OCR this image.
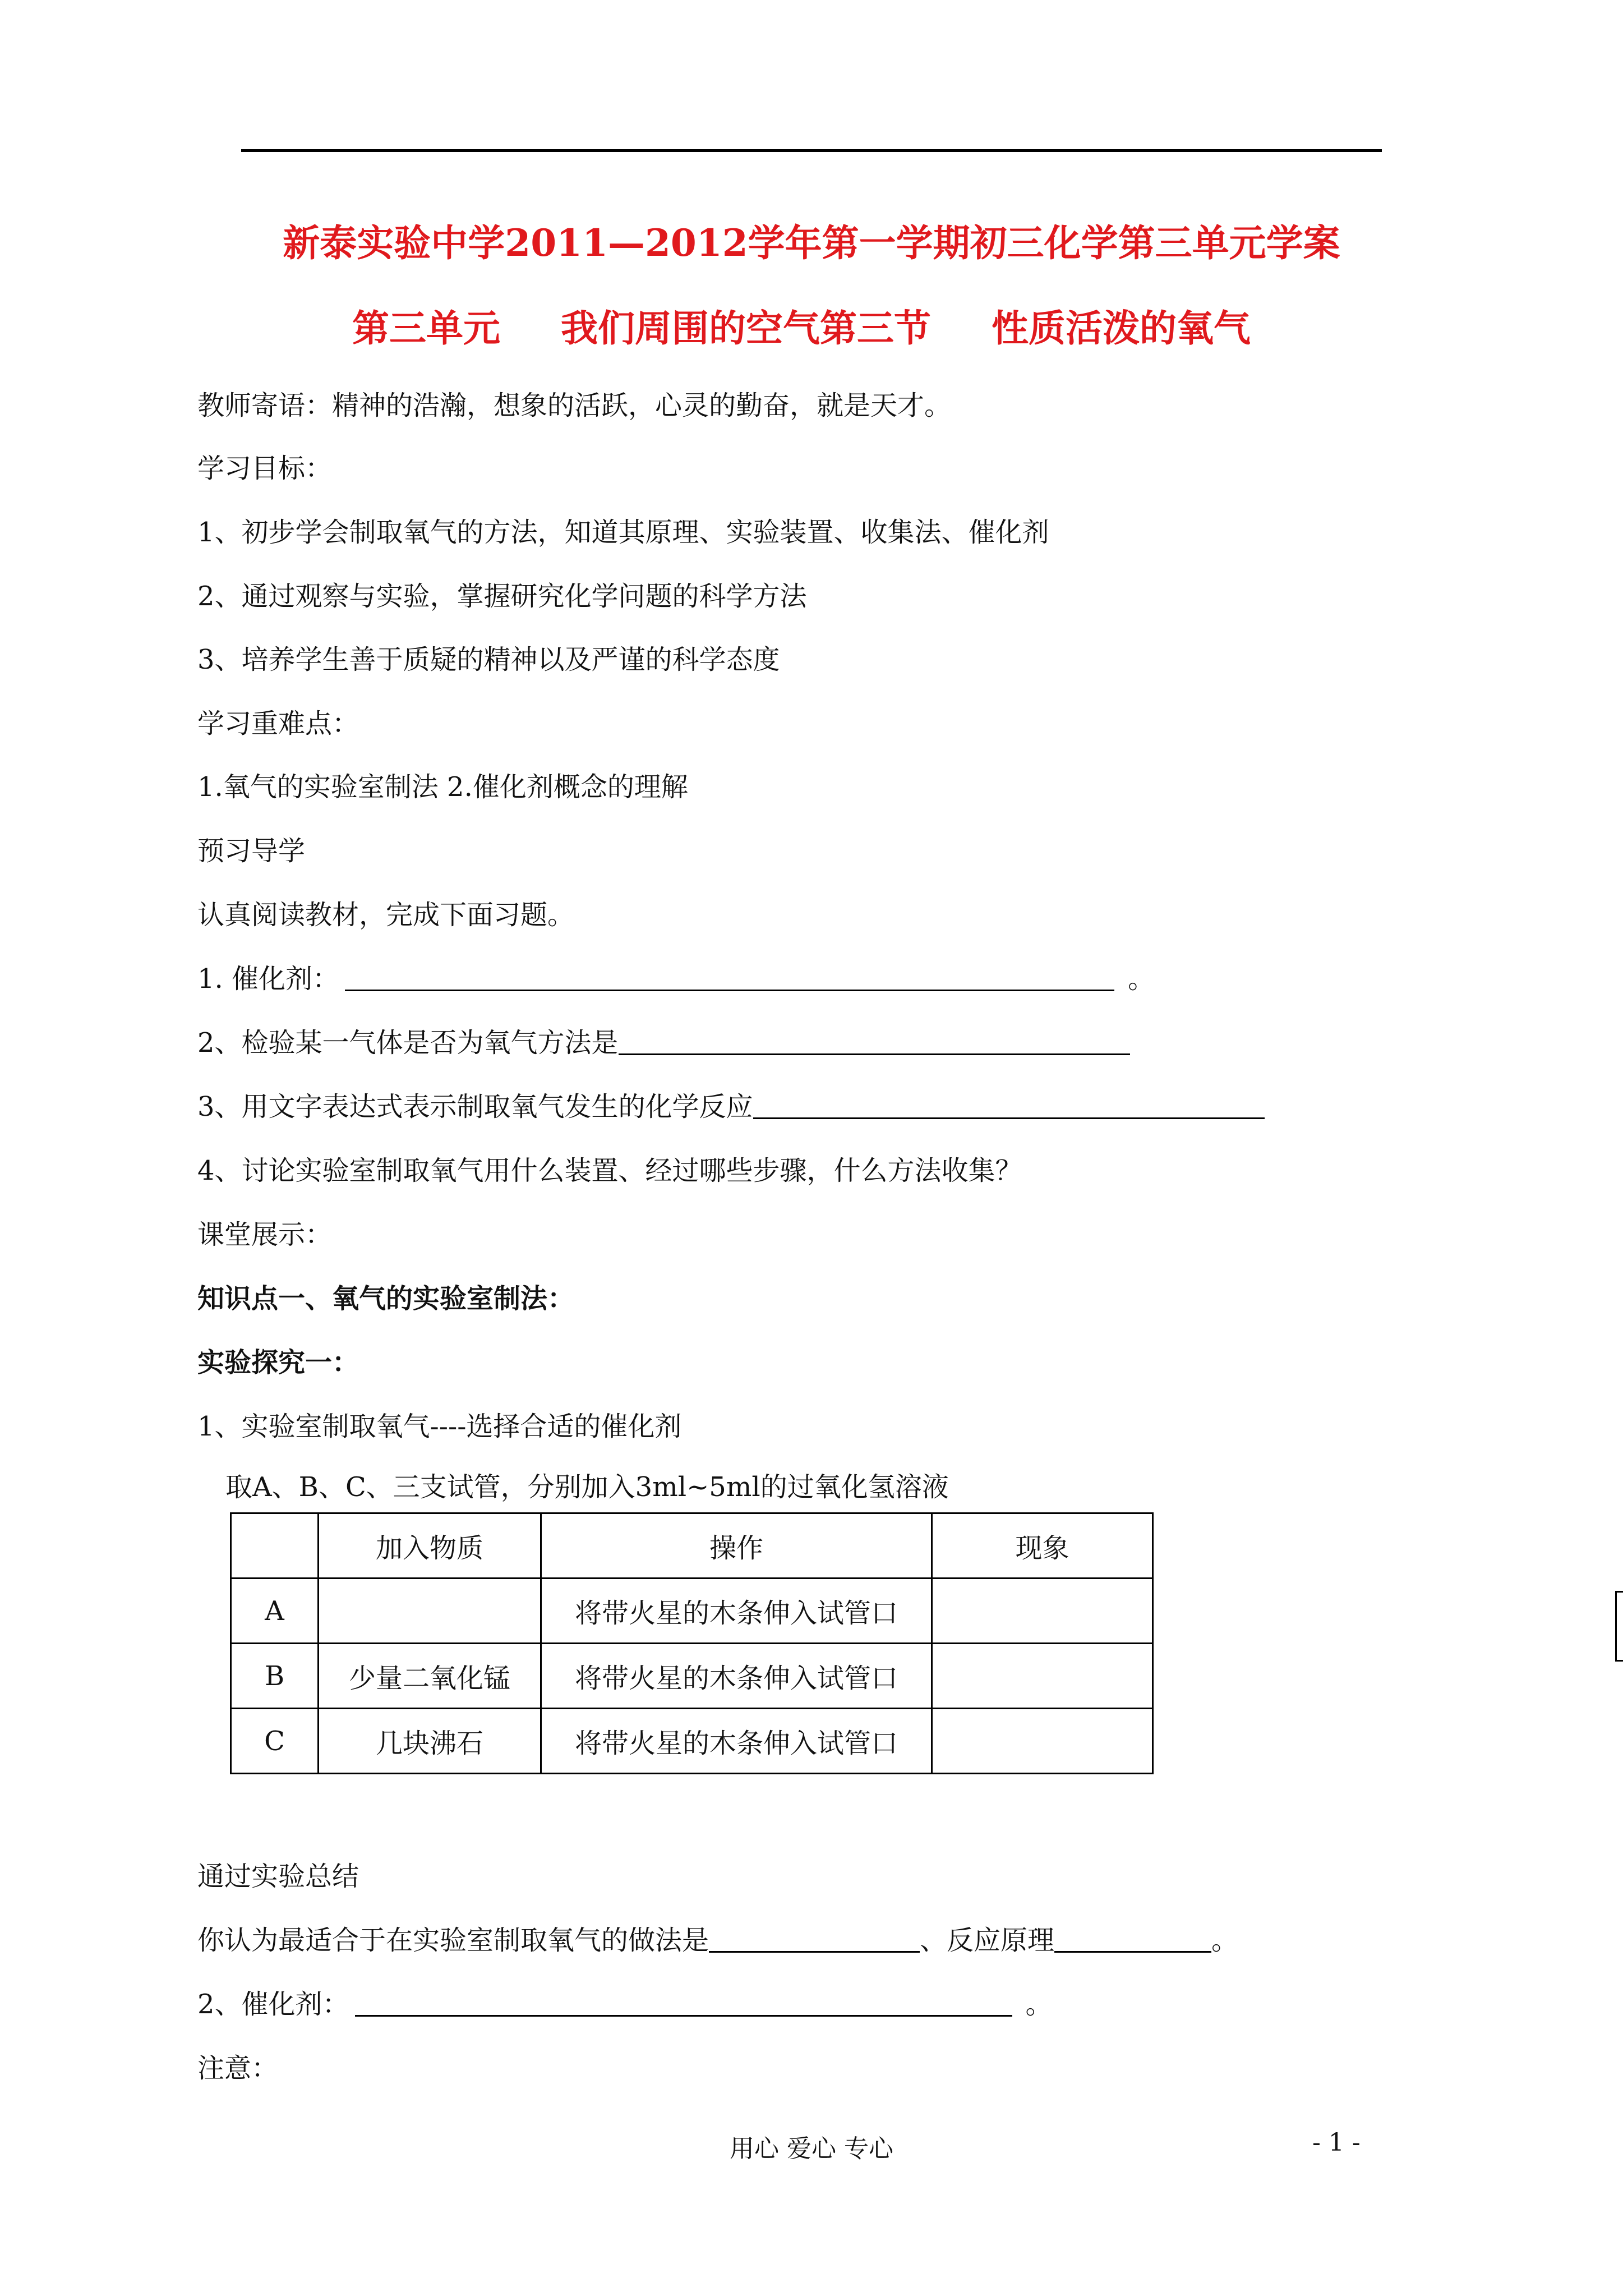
新泰实验中学2011—2012学年第一学期初三化学第三单元学案
第三单元 我们周围的空气第三节 性质活泼的氧气
教师寄语：精神的浩瀚，想象的活跃，心灵的勤奋，就是天才。
学习目标：
1、初步学会制取氧气的方法，知道其原理、实验装置、收集法、催化剂
2、通过观察与实验，掌握研究化学问题的科学方法
3、培养学生善于质疑的精神以及严谨的科学态度
学习重难点：
1.氧气的实验室制法 2.催化剂概念的理解
预习导学
认真阅读教材，完成下面习题。
1. 催化剂：	。
2、检验某一气体是否为氧气方法是
3、用文字表达式表示制取氧气发生的化学反应
4、讨论实验室制取氧气用什么装置、经过哪些步骤，什么方法收集？
课堂展示：
知识点一、氧气的实验室制法：
实验探究一：
1、实验室制取氧气----选择合适的催化剂
取A、B、C、三支试管，分别加入3ml~5ml的过氧化氢溶液
	加入物质	操作	现象
A		将带火星的木条伸入试管口	
B	少量二氧化锰	将带火星的木条伸入试管口	
C	几块沸石	将带火星的木条伸入试管口	
通过实验总结
你认为最适合于在实验室制取氧气的做法是	、反应原理	。
2、催化剂：	。
注意：
用心 爱心 专心	- 1 -
